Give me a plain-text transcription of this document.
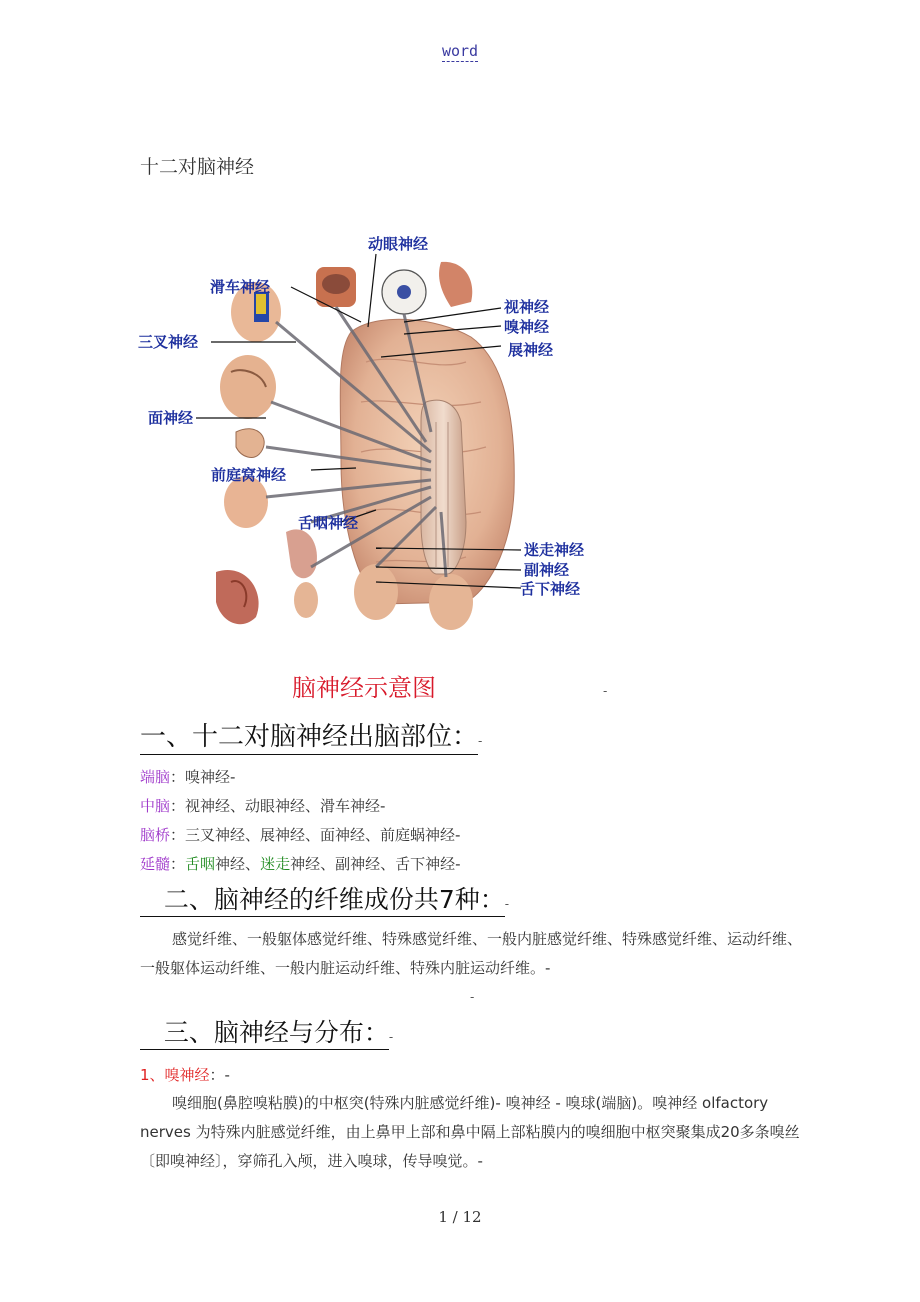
word
十二对脑神经
动眼神经
滑车神经
三叉神经
面神经
前庭窝神经
舌咽神经
视神经
嗅神经
展神经
迷走神经
副神经
舌下神经
脑神经示意图	-
一、十二对脑神经出脑部位：-
端脑：嗅神经-
中脑：视神经、动眼神经、滑车神经-
脑桥：三叉神经、展神经、面神经、前庭蜗神经-
延髓：舌咽神经、迷走神经、副神经、舌下神经-
二、脑神经的纤维成份共7种：-
感觉纤维、一般躯体感觉纤维、特殊感觉纤维、一般内脏感觉纤维、特殊感觉纤维、运动纤维、一般躯体运动纤维、一般内脏运动纤维、特殊内脏运动纤维。-
-
三、脑神经与分布：-
1、嗅神经：-
嗅细胞(鼻腔嗅粘膜)的中枢突(特殊内脏感觉纤维)- 嗅神经 - 嗅球(端脑)。嗅神经 olfactory nerves 为特殊内脏感觉纤维，由上鼻甲上部和鼻中隔上部粘膜内的嗅细胞中枢突聚集成20多条嗅丝〔即嗅神经〕，穿筛孔入颅，进入嗅球，传导嗅觉。-
1 / 12
